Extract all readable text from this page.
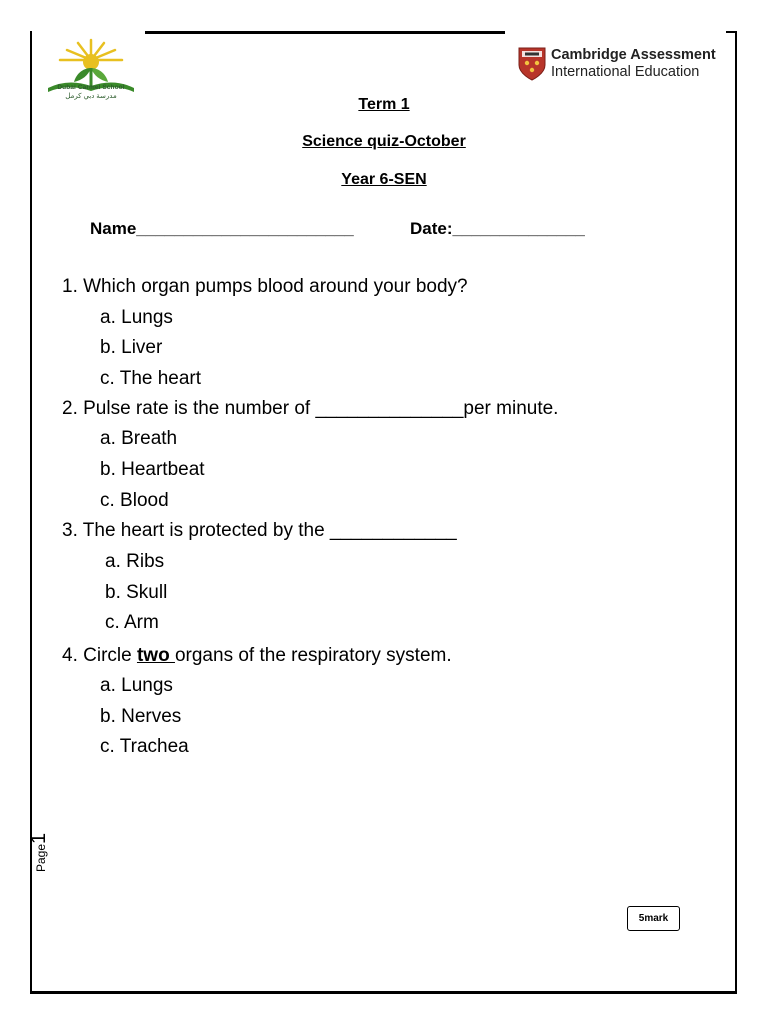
Dubai Carmel School
مدرسة دبي كرمل
Cambridge Assessment
International Education
Term 1
Science quiz-October
Year 6-SEN
Name_______________________	Date:______________
1. Which organ pumps blood around your body?
a. Lungs
b. Liver
c. The heart
2. Pulse rate is the number of ______________per minute.
a. Breath
b. Heartbeat
c. Blood
3. The heart is protected by the ____________
a. Ribs
b. Skull
c. Arm
4. Circle two organs of the respiratory system.
a. Lungs
b. Nerves
c. Trachea
Page1
5mark
